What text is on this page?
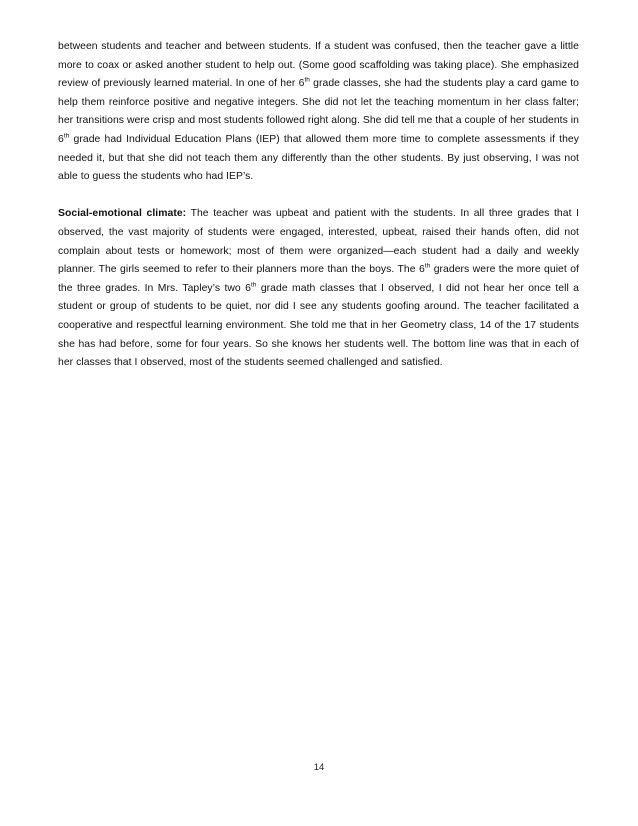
between students and teacher and between students. If a student was confused, then the teacher gave a little more to coax or asked another student to help out. (Some good scaffolding was taking place). She emphasized review of previously learned material. In one of her 6th grade classes, she had the students play a card game to help them reinforce positive and negative integers. She did not let the teaching momentum in her class falter; her transitions were crisp and most students followed right along. She did tell me that a couple of her students in 6th grade had Individual Education Plans (IEP) that allowed them more time to complete assessments if they needed it, but that she did not teach them any differently than the other students. By just observing, I was not able to guess the students who had IEP’s.

Social-emotional climate: The teacher was upbeat and patient with the students. In all three grades that I observed, the vast majority of students were engaged, interested, upbeat, raised their hands often, did not complain about tests or homework; most of them were organized—each student had a daily and weekly planner. The girls seemed to refer to their planners more than the boys. The 6th graders were the more quiet of the three grades. In Mrs. Tapley’s two 6th grade math classes that I observed, I did not hear her once tell a student or group of students to be quiet, nor did I see any students goofing around. The teacher facilitated a cooperative and respectful learning environment. She told me that in her Geometry class, 14 of the 17 students she has had before, some for four years. So she knows her students well. The bottom line was that in each of her classes that I observed, most of the students seemed challenged and satisfied.

14
